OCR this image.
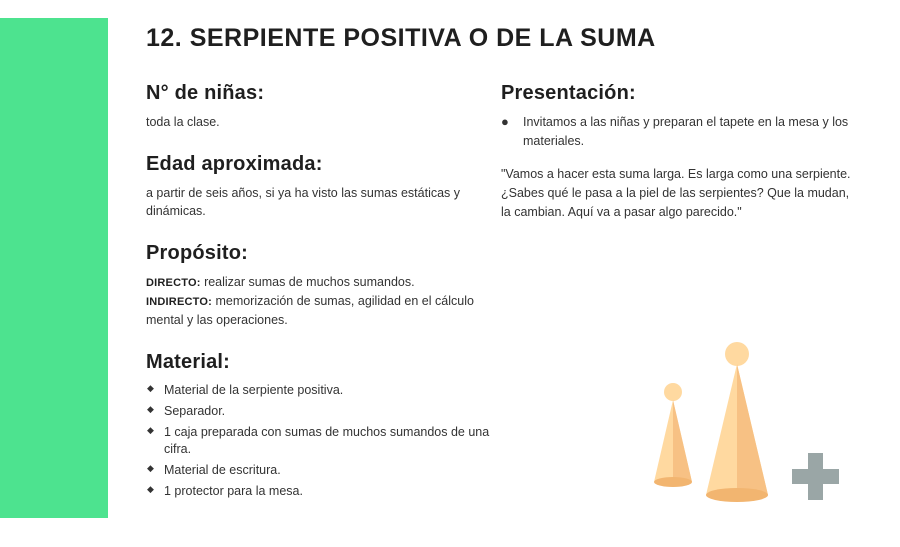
12. SERPIENTE POSITIVA O DE LA SUMA
N° de niñas:

toda la clase.

Edad aproximada:

a partir de seis años, si ya ha visto las sumas estáticas y dinámicas.

Propósito:

DIRECTO: realizar sumas de muchos sumandos.

INDIRECTO: memorización de sumas, agilidad en el cálculo mental y las operaciones.

Material:
◆ Material de la serpiente positiva.
◆ Separador.
◆ 1 caja preparada con sumas de muchos sumandos de una cifra.
◆ Material de escritura.
◆ 1 protector para la mesa.
Presentación:

● Invitamos a las niñas y preparan el tapete en la mesa y los materiales.

"Vamos a hacer esta suma larga. Es larga como una serpiente. ¿Sabes qué le pasa a la piel de las serpientes? Que la mudan, la cambian. Aquí va a pasar algo parecido."
